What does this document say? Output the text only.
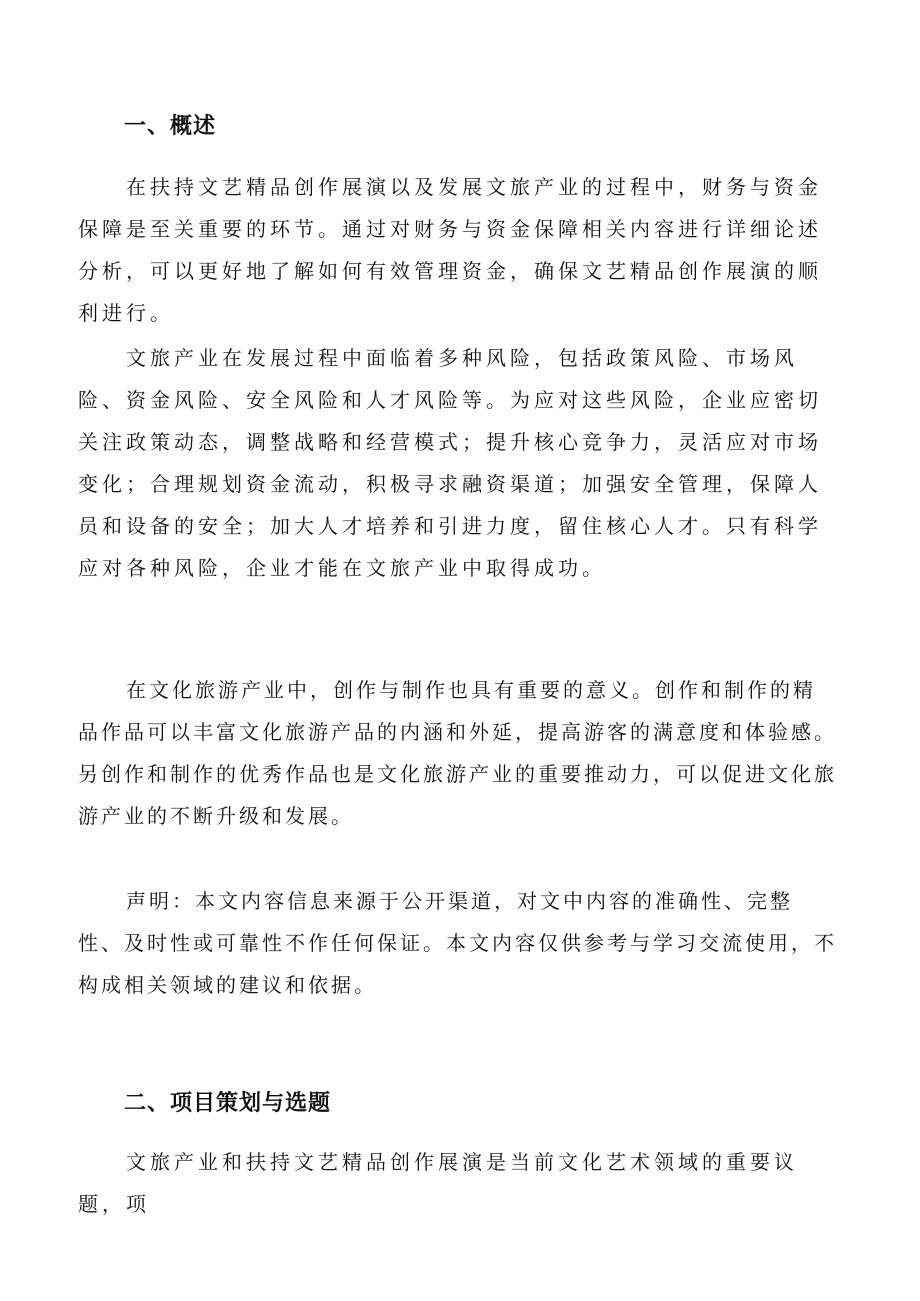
一、概述

在扶持文艺精品创作展演以及发展文旅产业的过程中，财务与资金保障是至关重要的环节。通过对财务与资金保障相关内容进行详细论述分析，可以更好地了解如何有效管理资金，确保文艺精品创作展演的顺利进行。

文旅产业在发展过程中面临着多种风险，包括政策风险、市场风险、资金风险、安全风险和人才风险等。为应对这些风险，企业应密切关注政策动态，调整战略和经营模式；提升核心竞争力，灵活应对市场变化；合理规划资金流动，积极寻求融资渠道；加强安全管理，保障人员和设备的安全；加大人才培养和引进力度，留住核心人才。只有科学应对各种风险，企业才能在文旅产业中取得成功。

在文化旅游产业中，创作与制作也具有重要的意义。创作和制作的精品作品可以丰富文化旅游产品的内涵和外延，提高游客的满意度和体验感。另创作和制作的优秀作品也是文化旅游产业的重要推动力，可以促进文化旅游产业的不断升级和发展。

声明：本文内容信息来源于公开渠道，对文中内容的准确性、完整性、及时性或可靠性不作任何保证。本文内容仅供参考与学习交流使用，不构成相关领域的建议和依据。

二、项目策划与选题

文旅产业和扶持文艺精品创作展演是当前文化艺术领域的重要议题，项
